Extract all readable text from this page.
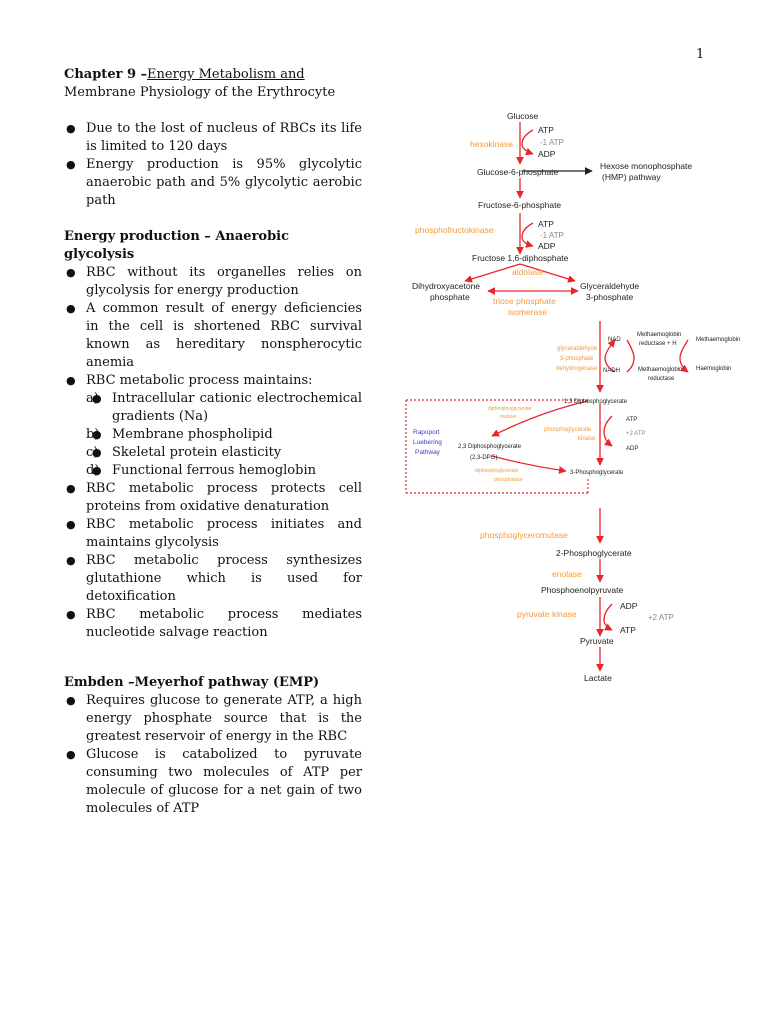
1
Chapter 9 – Energy Metabolism and
Membrane Physiology of the Erythrocyte
● Due to the lost of nucleus of RBCs its life is limited to 120 days
● Energy production is 95% glycolytic anaerobic path and 5% glycolytic aerobic path

Energy production – Anaerobic glycolysis

● RBC without its organelles relies on glycolysis for energy production
● A common result of energy deficiencies in the cell is shortened RBC survival known as hereditary nonspherocytic anemia
● RBC metabolic process maintains:
● a)	Intracellular cationic electrochemical gradients (Na)
● b) Membrane phospholipid
● c)	Skeletal protein elasticity
● d) Functional ferrous hemoglobin
● RBC metabolic process protects cell proteins from oxidative denaturation
● RBC metabolic process initiates and maintains glycolysis
● RBC metabolic process synthesizes glutathione which is used for detoxification
● RBC metabolic process mediates nucleotide salvage reaction

Embden –Meyerhof pathway (EMP)

● Requires glucose to generate ATP, a high energy phosphate source that is the greatest reservoir of energy in the RBC
● Glucose is catabolized to pyruvate consuming two molecules of ATP per molecule of glucose for a net gain of two molecules of ATP
Glucose
ATP
ADP
Glucose-6-phosphate
Hexose monophosphate
(HMP) pathway
Fructose-6-phosphate
ATP
ADP
Fructose 1,6-diphosphate
Dihydroxyacetone
phosphate
Glyceraldehyde
3-phosphate
NAD
NADH
Methaemoglobin
reductase + H
Methaemoglobin
reductase
Methaemoglobin
Haemoglobin
1,3 Diphosphoglycerate
ATP
ADP
2,3 Diphosphoglycerate
(2,3-DPG)
3-Phosphoglycerate
-1 ATP
-1 ATP
+2 ATP
+2 ATP
hexokinase
phosphofructokinase
aldolase
triose phosphate
isomerase
glyceraldehyde
3-phosphate
dehydrogenase
diphosphoglycerate
mutase
phosphoglycerate
kinase
diphosphoglycerate
phosphatase
phosphoglyceromutase
enolase
pyruvate kinase
Rapoport
Luebering
Pathway
2-Phosphoglycerate
Phosphoenolpyruvate
ADP
ATP
Pyruvate
Lactate
